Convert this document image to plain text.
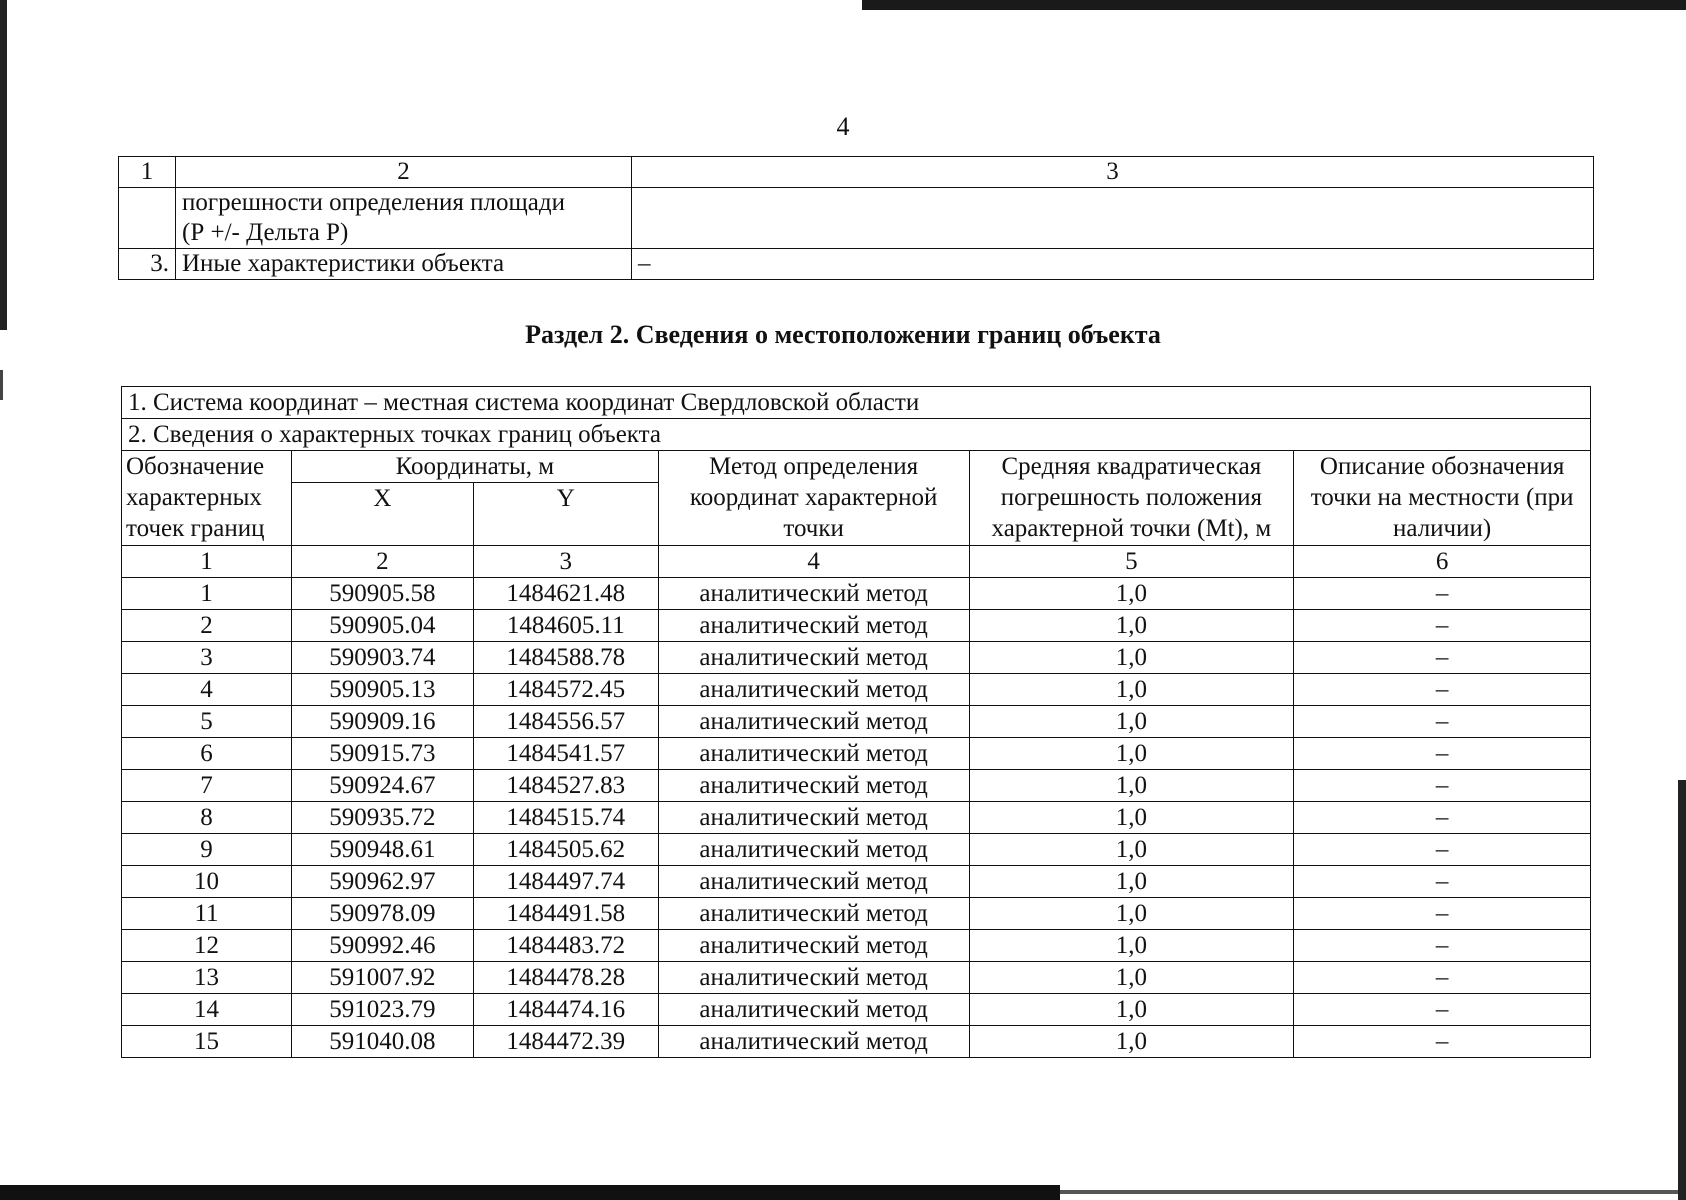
4
1	2	3

	погрешности определения площади
(Р +/- Дельта Р)	

3.	Иные характеристики объекта	–
Раздел 2. Сведения о местоположении границ объекта
1. Система координат – местная система координат Свердловской области					
2. Сведения о характерных точках границ объекта					
Обозначение характерных точек границ	Координаты, м		Метод определения координат характерной точки	Средняя квадратическая погрешность положения характерной точки (Mt), м	Описание обозначения точки на местности (при наличии)
	X	Y			
1	2	3	4	5	6
1	590905.58	1484621.48	аналитический метод	1,0	–
2	590905.04	1484605.11	аналитический метод	1,0	–
3	590903.74	1484588.78	аналитический метод	1,0	–
4	590905.13	1484572.45	аналитический метод	1,0	–
5	590909.16	1484556.57	аналитический метод	1,0	–
6	590915.73	1484541.57	аналитический метод	1,0	–
7	590924.67	1484527.83	аналитический метод	1,0	–
8	590935.72	1484515.74	аналитический метод	1,0	–
9	590948.61	1484505.62	аналитический метод	1,0	–
10	590962.97	1484497.74	аналитический метод	1,0	–
11	590978.09	1484491.58	аналитический метод	1,0	–
12	590992.46	1484483.72	аналитический метод	1,0	–
13	591007.92	1484478.28	аналитический метод	1,0	–
14	591023.79	1484474.16	аналитический метод	1,0	–
15	591040.08	1484472.39	аналитический метод	1,0	–
